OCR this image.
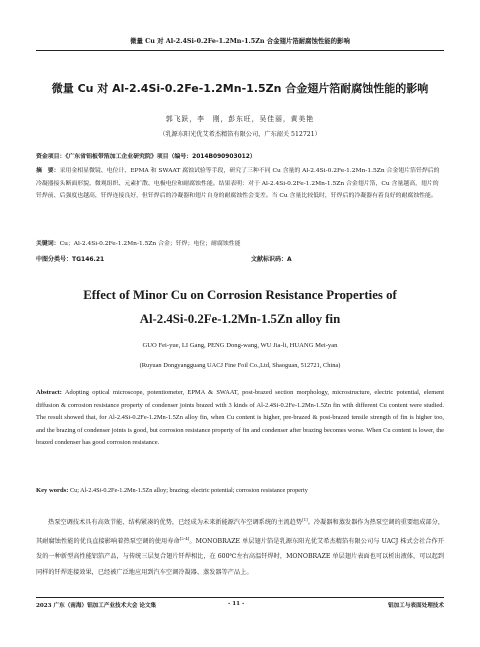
微量 Cu 对 Al-2.4Si-0.2Fe-1.2Mn-1.5Zn 合金翅片箔耐腐蚀性能的影响
微量 Cu 对 Al-2.4Si-0.2Fe-1.2Mn-1.5Zn 合金翅片箔耐腐蚀性能的影响
郭飞跃，李　刚，彭东旺，吴佳丽，黄美艳
（乳源东阳光优艾希杰精箔有限公司，广东韶关 512721）

资金项目：《广东省铝板带箔加工企业研究院》项目（编号：2014B090903012）

摘　要：采用金相显微镜、电位计、EPMA 和 SWAAT 腐蚀试验等手段，研究了三种不同 Cu 含量的 Al-2.4Si-0.2Fe-1.2Mn-1.5Zn 合金翅片箔钎焊后的冷凝器接头断面形貌、微观组织、元素扩散、电极电位和耐腐蚀性能。结果表明：对于 Al-2.4Si-0.2Fe-1.2Mn-1.5Zn 合金翅片箔，Cu 含量越高，翅片的钎焊前、后强度也越高，钎焊连接良好，但钎焊后的冷凝器和翅片自身的耐腐蚀性会变差。当 Cu 含量比较低时，钎焊后的冷凝器有着良好的耐腐蚀性能。

关键词：Cu；Al-2.4Si-0.2Fe-1.2Mn-1.5Zn 合金；钎焊；电位；耐腐蚀性能

中图分类号：TG146.21	文献标识码：A
Effect of Minor Cu on Corrosion Resistance Properties of
Al-2.4Si-0.2Fe-1.2Mn-1.5Zn alloy fin
GUO Fei-yue, LI Gang, PENG Dong-wang, WU Jia-li, HUANG Mei-yan
(Ruyuan Dongyangguang UACJ Fine Foil Co.,Ltd, Shaoguan, 512721, China)
Abstract: Adopting optical microscope, potentiometer, EPMA & SWAAT, post-brazed section morphology, microstructure, electric potential, element diffusion & corrosion resistance property of condenser joints brazed with 3 kinds of Al-2.4Si-0.2Fe-1.2Mn-1.5Zn fin with different Cu content were studied. The result showed that, for Al-2.4Si-0.2Fe-1.2Mn-1.5Zn alloy fin, when Cu content is higher, pre-brazed & post-brazed tensile strength of fin is higher too, and the brazing of condenser joints is good, but corrosion resistance property of fin and condenser after brazing becomes worse. When Cu content is lower, the brazed condenser has good corrosion resistance.
Key words: Cu; Al-2.4Si-0.2Fe-1.2Mn-1.5Zn alloy; brazing; electric potential; corrosion resistance property

热泵空调技术具有高效节能、结构紧凑的优势，已经成为未来新能源汽车空调系统的主流趋势[1]。冷凝器和蒸发器作为热泵空调的重要组成部分，其耐腐蚀性能的优良直接影响着热泵空调的使用寿命[2-4]。MONOBRAZE 单层翅片箔是乳源东阳光优艾希杰精箔有限公司与 UACJ 株式会社合作开发的一种新型高性能铝箔产品，与传统三层复合翅片钎焊相比，在 600℃左右高温钎焊时，MONOBRAZE 单层翅片表面也可以析出液体，可以起到同样的钎焊连接效果，已经被广泛地应用到汽车空调冷凝器、蒸发器等产品上。

2023 广东（南海）铝加工产业技术大会 论文集	- 11 -	铝加工与表面处理技术
